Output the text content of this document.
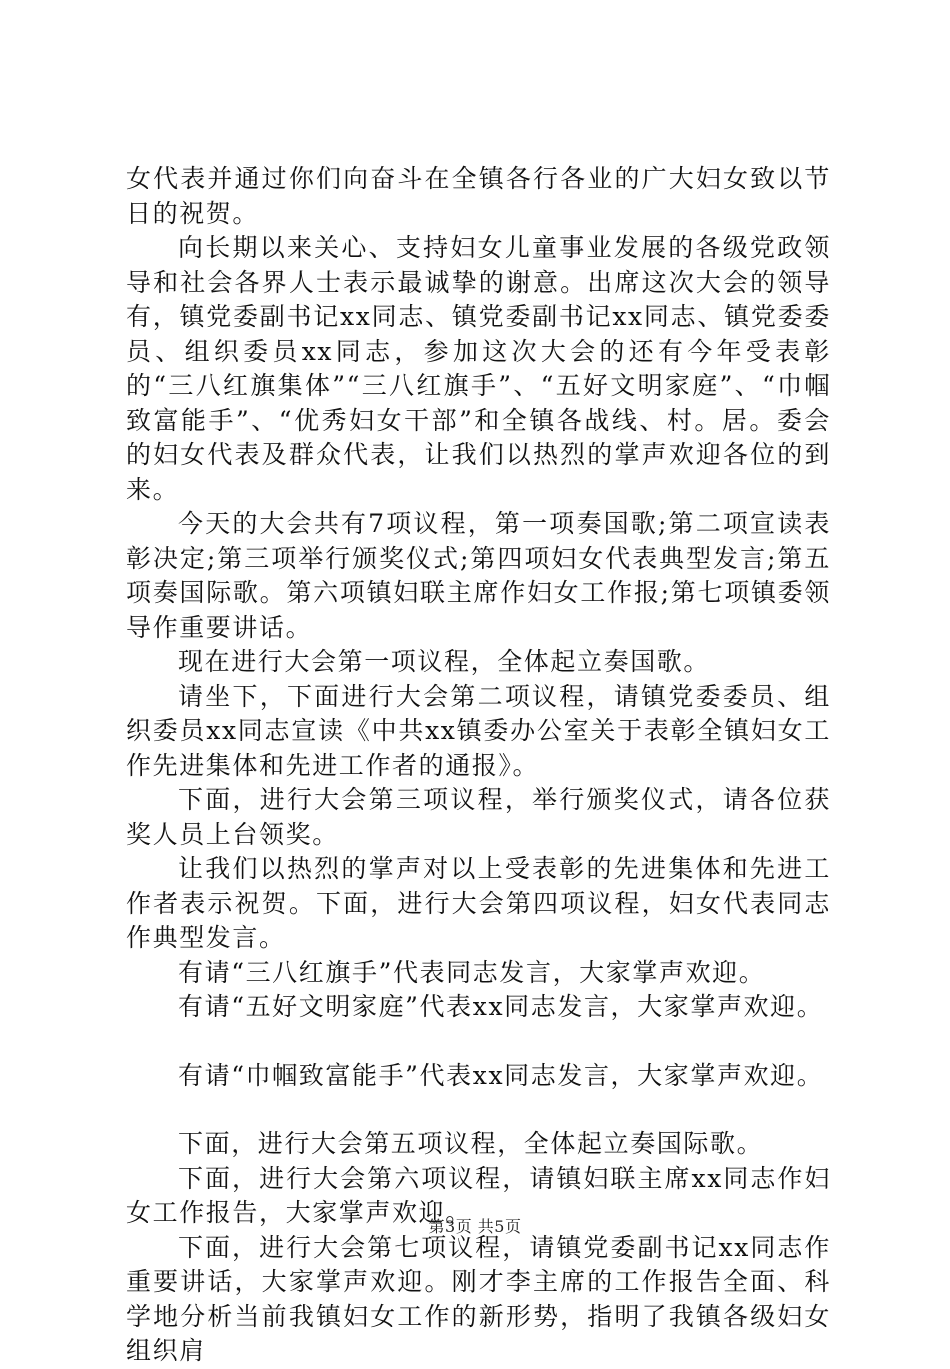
女代表并通过你们向奋斗在全镇各行各业的广大妇女致以节日的祝贺。

向长期以来关心、支持妇女儿童事业发展的各级党政领导和社会各界人士表示最诚挚的谢意。出席这次大会的领导有，镇党委副书记xx同志、镇党委副书记xx同志、镇党委委员、组织委员xx同志，参加这次大会的还有今年受表彰的“三八红旗集体”“三八红旗手”、“五好文明家庭”、“巾帼致富能手”、“优秀妇女干部”和全镇各战线、村。居。委会的妇女代表及群众代表，让我们以热烈的掌声欢迎各位的到来。

今天的大会共有7项议程，第一项奏国歌;第二项宣读表彰决定;第三项举行颁奖仪式;第四项妇女代表典型发言;第五项奏国际歌。第六项镇妇联主席作妇女工作报;第七项镇委领导作重要讲话。

现在进行大会第一项议程，全体起立奏国歌。

请坐下，下面进行大会第二项议程，请镇党委委员、组织委员xx同志宣读《中共xx镇委办公室关于表彰全镇妇女工作先进集体和先进工作者的通报》。

下面，进行大会第三项议程，举行颁奖仪式，请各位获奖人员上台领奖。

让我们以热烈的掌声对以上受表彰的先进集体和先进工作者表示祝贺。下面，进行大会第四项议程，妇女代表同志作典型发言。

有请“三八红旗手”代表同志发言，大家掌声欢迎。

有请“五好文明家庭”代表xx同志发言，大家掌声欢迎。

有请“巾帼致富能手”代表xx同志发言，大家掌声欢迎。

下面，进行大会第五项议程，全体起立奏国际歌。

下面，进行大会第六项议程，请镇妇联主席xx同志作妇女工作报告，大家掌声欢迎。

下面，进行大会第七项议程，请镇党委副书记xx同志作重要讲话，大家掌声欢迎。刚才李主席的工作报告全面、科学地分析当前我镇妇女工作的新形势，指明了我镇各级妇女组织肩

第3页 共5页
